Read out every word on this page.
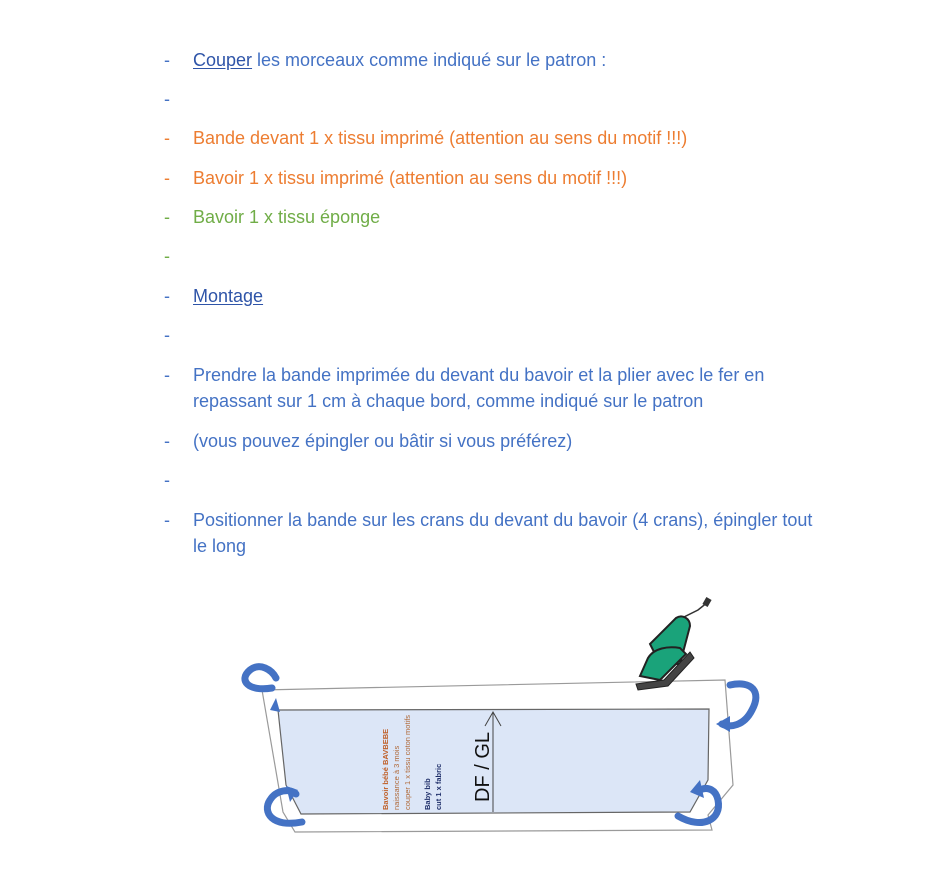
- Couper les morceaux comme indiqué sur le patron :
-
- Bande devant 1 x tissu imprimé (attention au sens du motif !!!)
- Bavoir 1 x tissu imprimé (attention au sens du motif !!!)
- Bavoir 1 x tissu éponge
-
- Montage
-
- Prendre la bande imprimée du devant du bavoir et la plier avec le fer en repassant sur 1 cm à chaque bord, comme indiqué sur le patron
- (vous pouvez épingler ou bâtir si vous préférez)
-
- Positionner la bande sur les crans du devant du bavoir (4 crans), épingler tout le long
DF / GL
Bavoir bébé BAVBEBE naissance à 3 mois couper 1 x tissu coton motifs Baby bib cut 1 x fabric
